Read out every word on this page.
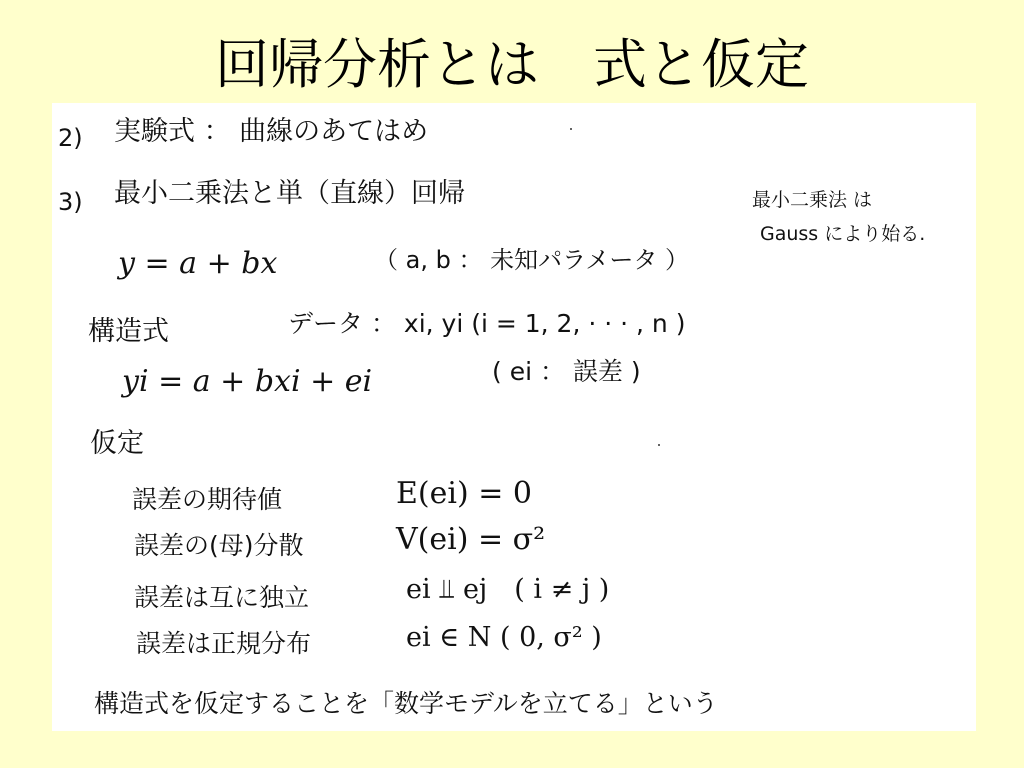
回帰分析とは　式と仮定
2) 実験式 ： 曲線のあてはめ
3) 最小二乗法と単（直線）回帰	最小二乗法 は
Gauss により始る.
y = a + bx	（ a, b ： 未知パラメータ ）
構造式	データ ： xi, yi (i = 1, 2, · · · , n )
yi = a + bxi + ei	( ei ： 誤差 )
仮定
誤差の期待値	E(ei) = 0
誤差の(母)分散	V(ei) = σ²
誤差は互に独立	ei ⫫ ej　( i ≠ j )
誤差は正規分布	ei ∈ N ( 0, σ² )
構造式を仮定することを「数学モデルを立てる」という
